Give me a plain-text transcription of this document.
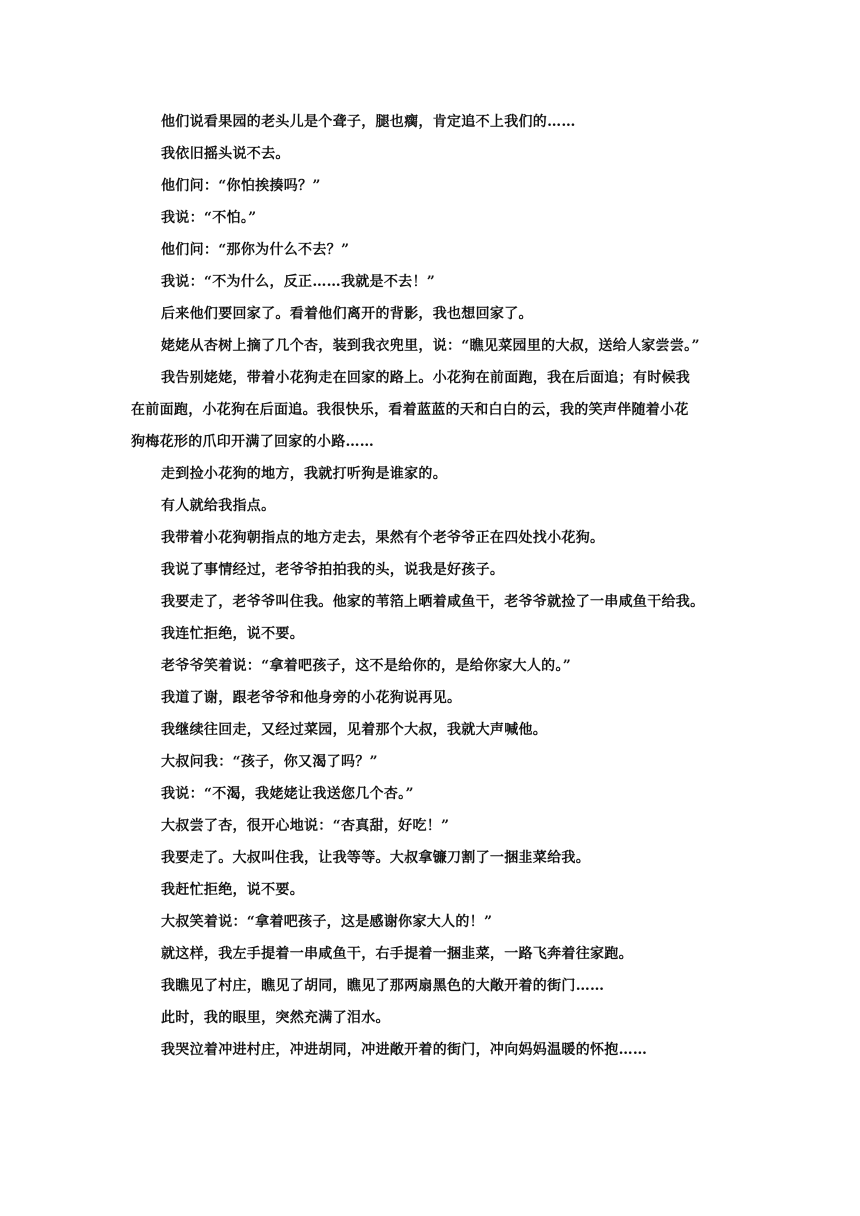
他们说看果园的老头儿是个聋子，腿也瘸，肯定追不上我们的……

我依旧摇头说不去。

他们问：“你怕挨揍吗？”

我说：“不怕。”

他们问：“那你为什么不去？”

我说：“不为什么，反正……我就是不去！”

后来他们要回家了。看着他们离开的背影，我也想回家了。

姥姥从杏树上摘了几个杏，装到我衣兜里，说：“瞧见菜园里的大叔，送给人家尝尝。”

我告别姥姥，带着小花狗走在回家的路上。小花狗在前面跑，我在后面追；有时候我
在前面跑，小花狗在后面追。我很快乐，看着蓝蓝的天和白白的云，我的笑声伴随着小花
狗梅花形的爪印开满了回家的小路……

走到捡小花狗的地方，我就打听狗是谁家的。

有人就给我指点。

我带着小花狗朝指点的地方走去，果然有个老爷爷正在四处找小花狗。

我说了事情经过，老爷爷拍拍我的头，说我是好孩子。

我要走了，老爷爷叫住我。他家的苇箔上晒着咸鱼干，老爷爷就捡了一串咸鱼干给我。

我连忙拒绝，说不要。

老爷爷笑着说：“拿着吧孩子，这不是给你的，是给你家大人的。”

我道了谢，跟老爷爷和他身旁的小花狗说再见。

我继续往回走，又经过菜园，见着那个大叔，我就大声喊他。

大叔问我：“孩子，你又渴了吗？”

我说：“不渴，我姥姥让我送您几个杏。”

大叔尝了杏，很开心地说：“杏真甜，好吃！”

我要走了。大叔叫住我，让我等等。大叔拿镰刀割了一捆韭菜给我。

我赶忙拒绝，说不要。

大叔笑着说：“拿着吧孩子，这是感谢你家大人的！”

就这样，我左手提着一串咸鱼干，右手提着一捆韭菜，一路飞奔着往家跑。

我瞧见了村庄，瞧见了胡同，瞧见了那两扇黑色的大敞开着的街门……

此时，我的眼里，突然充满了泪水。

我哭泣着冲进村庄，冲进胡同，冲进敞开着的街门，冲向妈妈温暖的怀抱……
